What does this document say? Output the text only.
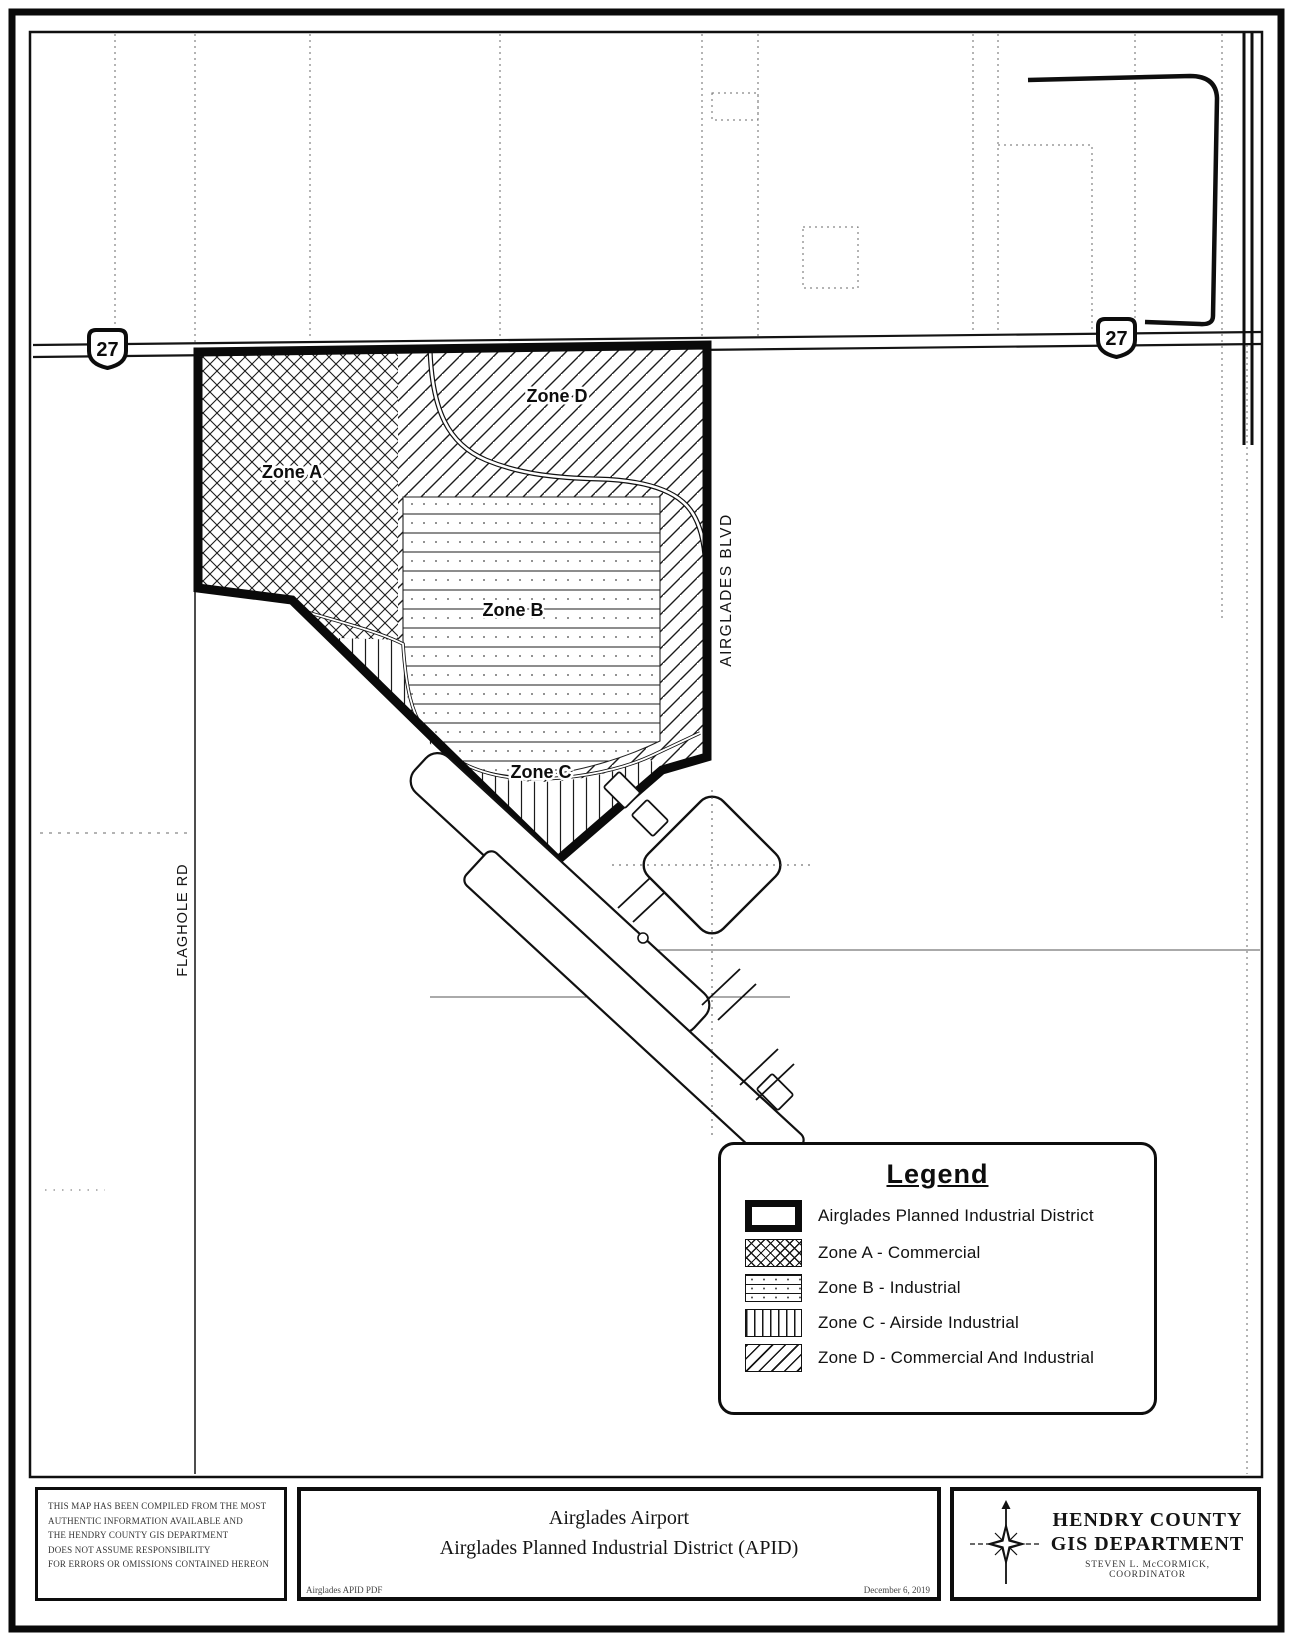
Zone A
Zone D
Zone B
Zone C
AIRGLADES BLVD
FLAGHOLE RD
27	27
Legend
Airglades Planned Industrial District
Zone A - Commercial
Zone B - Industrial
Zone C - Airside Industrial
Zone D - Commercial And Industrial
THIS MAP HAS BEEN COMPILED FROM THE MOST
AUTHENTIC INFORMATION AVAILABLE AND
THE HENDRY COUNTY GIS DEPARTMENT
DOES NOT ASSUME RESPONSIBILITY
FOR ERRORS OR OMISSIONS CONTAINED HEREON
Airglades Airport
Airglades Planned Industrial District (APID)
Airglades APID PDF	December 6, 2019
HENDRY COUNTY
GIS DEPARTMENT
STEVEN L. McCORMICK,
COORDINATOR
